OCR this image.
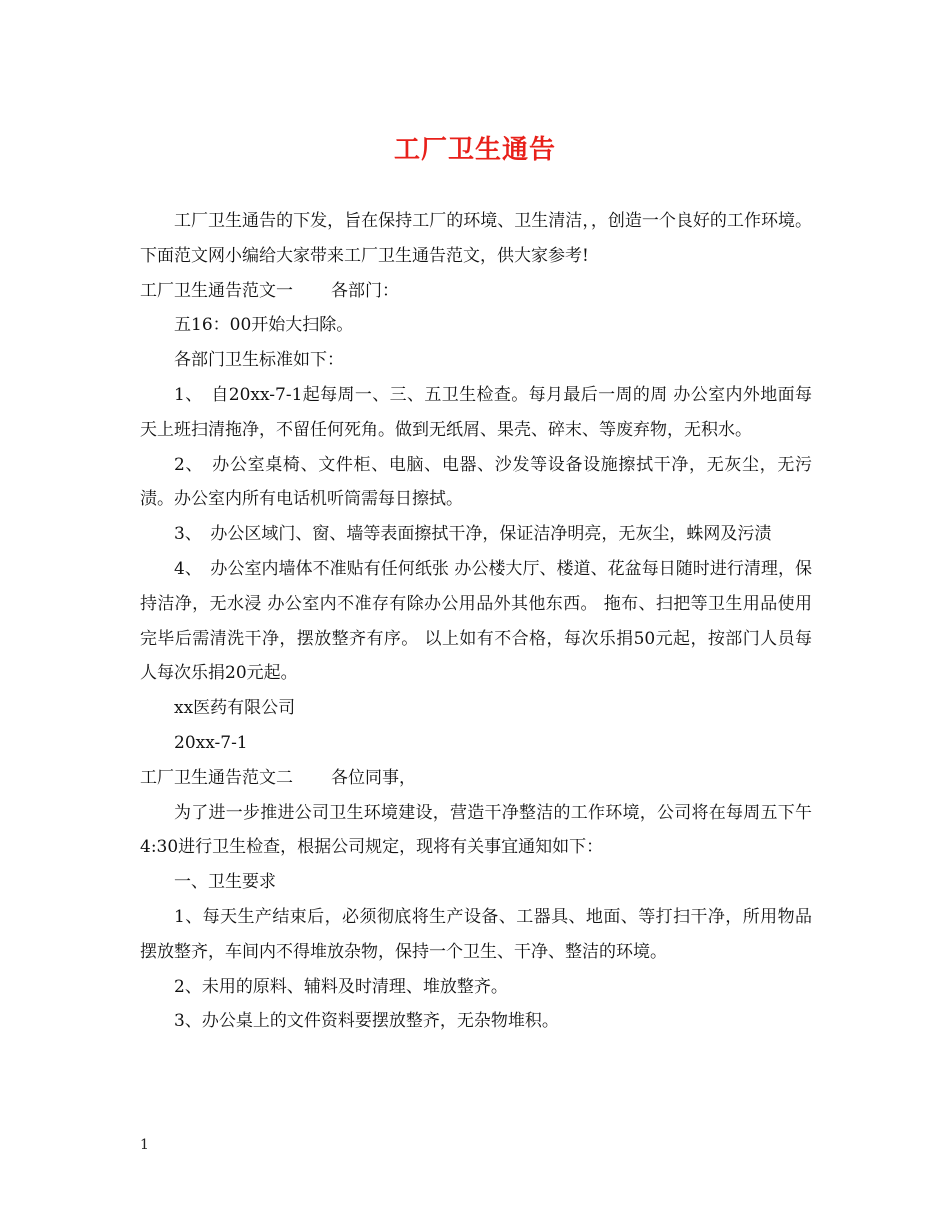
工厂卫生通告

工厂卫生通告的下发，旨在保持工厂的环境、卫生清洁，，创造一个良好的工作环境。下面范文网小编给大家带来工厂卫生通告范文，供大家参考!

工厂卫生通告范文一 各部门：

五16：00开始大扫除。

各部门卫生标准如下：

1、　自20xx-7-1起每周一、三、五卫生检查。每月最后一周的周 办公室内外地面每天上班扫清拖净，不留任何死角。做到无纸屑、果壳、碎末、等废弃物，无积水。

2、　办公室桌椅、文件柜、电脑、电器、沙发等设备设施擦拭干净，无灰尘，无污渍。办公室内所有电话机听筒需每日擦拭。

3、　办公区域门、窗、墙等表面擦拭干净，保证洁净明亮，无灰尘，蛛网及污渍

4、　办公室内墙体不准贴有任何纸张 办公楼大厅、楼道、花盆每日随时进行清理，保持洁净，无水浸 办公室内不准存有除办公用品外其他东西。 拖布、扫把等卫生用品使用完毕后需清洗干净，摆放整齐有序。 以上如有不合格，每次乐捐50元起，按部门人员每人每次乐捐20元起。

xx医药有限公司

20xx-7-1

工厂卫生通告范文二 各位同事，

为了进一步推进公司卫生环境建设，营造干净整洁的工作环境，公司将在每周五下午4:30进行卫生检查，根据公司规定，现将有关事宜通知如下：

一、卫生要求

1、每天生产结束后，必须彻底将生产设备、工器具、地面、等打扫干净，所用物品摆放整齐，车间内不得堆放杂物，保持一个卫生、干净、整洁的环境。

2、未用的原料、辅料及时清理、堆放整齐。

3、办公桌上的文件资料要摆放整齐，无杂物堆积。

1
